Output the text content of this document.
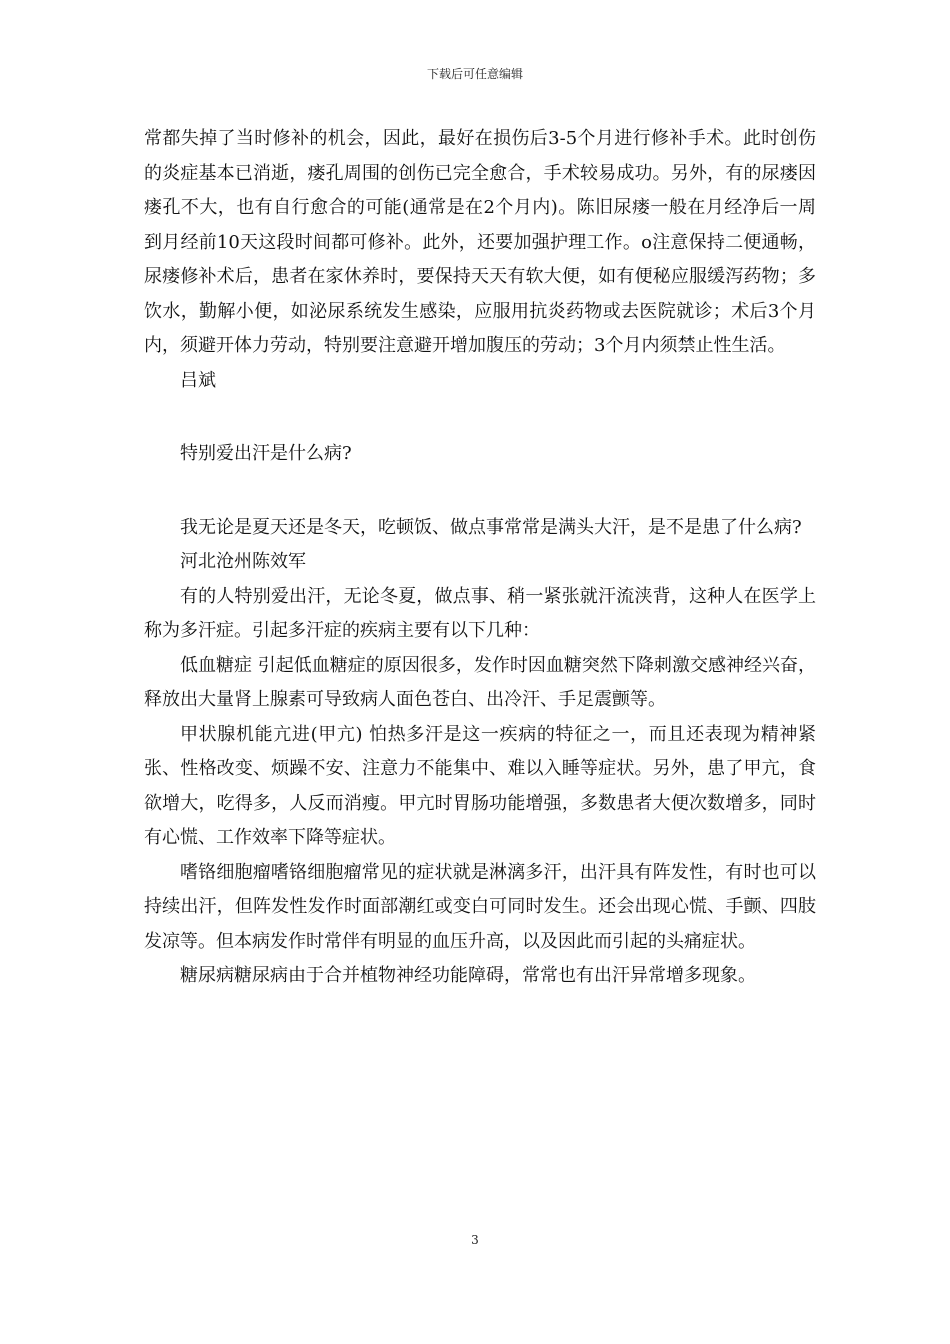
下载后可任意编辑

常都失掉了当时修补的机会，因此，最好在损伤后3-5个月进行修补手术。此时创伤的炎症基本已消逝，瘘孔周围的创伤已完全愈合，手术较易成功。另外，有的尿瘘因瘘孔不大，也有自行愈合的可能(通常是在2个月内)。陈旧尿瘘一般在月经净后一周到月经前10天这段时间都可修补。此外，还要加强护理工作。o注意保持二便通畅，尿瘘修补术后，患者在家休养时，要保持天天有软大便，如有便秘应服缓泻药物；多饮水，勤解小便，如泌尿系统发生感染，应服用抗炎药物或去医院就诊；术后3个月内，须避开体力劳动，特别要注意避开增加腹压的劳动；3个月内须禁止性生活。

吕斌

特别爱出汗是什么病?

我无论是夏天还是冬天，吃顿饭、做点事常常是满头大汗，是不是患了什么病?

河北沧州陈效军

有的人特别爱出汗，无论冬夏，做点事、稍一紧张就汗流浃背，这种人在医学上称为多汗症。引起多汗症的疾病主要有以下几种：

低血糖症 引起低血糖症的原因很多，发作时因血糖突然下降刺激交感神经兴奋，释放出大量肾上腺素可导致病人面色苍白、出冷汗、手足震颤等。

甲状腺机能亢进(甲亢) 怕热多汗是这一疾病的特征之一，而且还表现为精神紧张、性格改变、烦躁不安、注意力不能集中、难以入睡等症状。另外，患了甲亢，食欲增大，吃得多，人反而消瘦。甲亢时胃肠功能增强，多数患者大便次数增多，同时有心慌、工作效率下降等症状。

嗜铬细胞瘤嗜铬细胞瘤常见的症状就是淋漓多汗，出汗具有阵发性，有时也可以持续出汗，但阵发性发作时面部潮红或变白可同时发生。还会出现心慌、手颤、四肢发凉等。但本病发作时常伴有明显的血压升高，以及因此而引起的头痛症状。

糖尿病糖尿病由于合并植物神经功能障碍，常常也有出汗异常增多现象。

3
